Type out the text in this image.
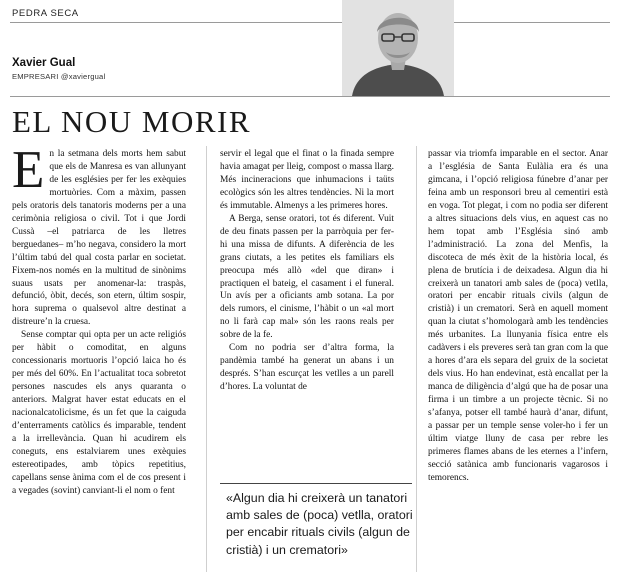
PEDRA SECA
Xavier Gual
EMPRESARI @xaviergual
EL NOU MORIR

En la setmana dels morts hem sabut que els de Manresa es van allunyant de les esglésies per fer les exèquies mortuòries. Com a màxim, passen pels oratoris dels tanatoris moderns per a una cerimònia religiosa o civil. Tot i que Jordi Cussà –el patriarca de les lletres berguedanes– m’ho negava, considero la mort l’últim tabú del qual costa parlar en societat. Fixem-nos només en la multitud de sinònims suaus usats per anomenar-la: traspàs, defunció, òbit, decés, son etern, últim sospir, hora suprema o qualsevol altre destinat a distreure’n la cruesa.

Sense comptar qui opta per un acte religiós per hàbit o comoditat, en alguns concessionaris mortuoris l’opció laica ho és per més del 60%. En l’actualitat toca sobretot persones nascudes els anys quaranta o anteriors. Malgrat haver estat educats en el nacionalcatolicisme, és un fet que la caiguda d’enterraments catòlics és imparable, tendent a la irrellevància. Quan hi acudirem els coneguts, ens estalviarem unes exèquies estereotipades, amb tòpics repetitius, capellans sense ànima com el de cos present i a vegades (sovint) canviant-li el nom o fent

servir el legal que el finat o la finada sempre havia amagat per lleig, compost o massa llarg. Més incineracions que inhumacions i taüts ecològics són les altres tendències. Ni la mort és immutable. Almenys a les primeres hores.

A Berga, sense oratori, tot és diferent. Vuit de deu finats passen per la parròquia per fer-hi una missa de difunts. A diferència de les grans ciutats, a les petites els familiars els preocupa més allò «del que diran» i practiquen el bateig, el casament i el funeral. Un avís per a oficiants amb sotana. La por dels rumors, el cinisme, l’hàbit o un «al mort no li farà cap mal» són les raons reals per sobre de la fe.

Com no podria ser d’altra forma, la pandèmia també ha generat un abans i un després. S’han escurçat les vetlles a un parell d’hores. La voluntat de

«Algun dia hi creixerà un tanatori amb sales de (poca) vetlla, oratori per encabir rituals civils (algun de cristià) i un crematori»

passar via triomfa imparable en el sector. Anar a l’església de Santa Eulàlia era és una gimcana, i l’opció religiosa fúnebre d’anar per feina amb un responsori breu al cementiri està en voga. Tot plegat, i com no podia ser diferent a altres situacions dels vius, en aquest cas no hem topat amb l’Església sinó amb l’administració. La zona del Menfis, la discoteca de més èxit de la història local, és plena de brutícia i de deixadesa. Algun dia hi creixerà un tanatori amb sales de (poca) vetlla, oratori per encabir rituals civils (algun de cristià) i un crematori. Serà en aquell moment quan la ciutat s’homologarà amb les tendències més urbanites. La llunyania física entre els cadàvers i els preveres serà tan gran com la que a hores d’ara els separa del gruix de la societat dels vius. Ho han endevinat, està encallat per la manca de diligència d’algú que ha de posar una firma i un timbre a un projecte tècnic. Si no s’afanya, potser ell també haurà d’anar, difunt, a passar per un temple sense voler-ho i fer un últim viatge lluny de casa per rebre les primeres flames abans de les eternes a l’infern, secció satànica amb funcionaris vagarosos i temorencs.
